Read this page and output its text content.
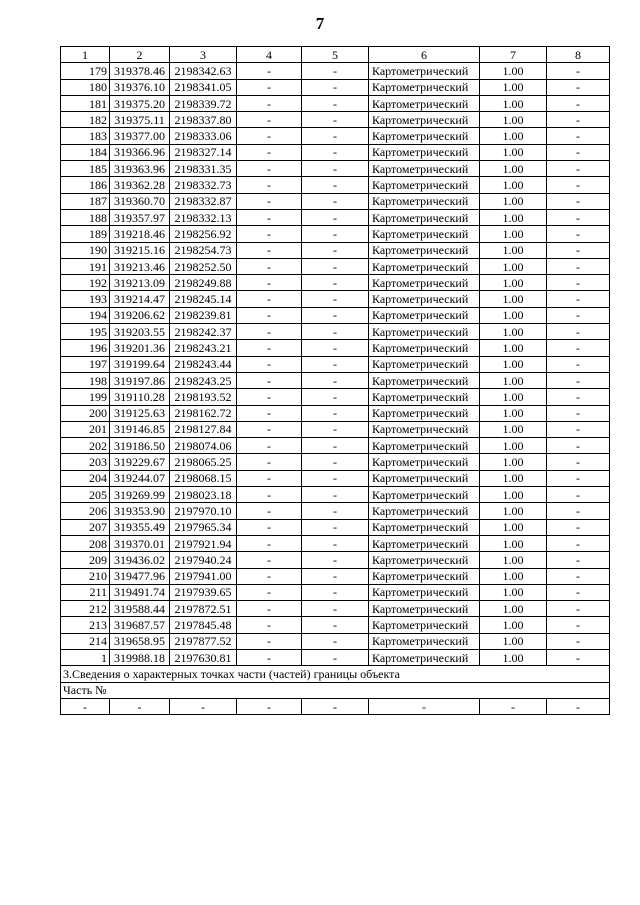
7
1	2	3	4	5	6	7	8
179	319378.46	2198342.63	-	-	Картометрический	1.00	-
180	319376.10	2198341.05	-	-	Картометрический	1.00	-
181	319375.20	2198339.72	-	-	Картометрический	1.00	-
182	319375.11	2198337.80	-	-	Картометрический	1.00	-
183	319377.00	2198333.06	-	-	Картометрический	1.00	-
184	319366.96	2198327.14	-	-	Картометрический	1.00	-
185	319363.96	2198331.35	-	-	Картометрический	1.00	-
186	319362.28	2198332.73	-	-	Картометрический	1.00	-
187	319360.70	2198332.87	-	-	Картометрический	1.00	-
188	319357.97	2198332.13	-	-	Картометрический	1.00	-
189	319218.46	2198256.92	-	-	Картометрический	1.00	-
190	319215.16	2198254.73	-	-	Картометрический	1.00	-
191	319213.46	2198252.50	-	-	Картометрический	1.00	-
192	319213.09	2198249.88	-	-	Картометрический	1.00	-
193	319214.47	2198245.14	-	-	Картометрический	1.00	-
194	319206.62	2198239.81	-	-	Картометрический	1.00	-
195	319203.55	2198242.37	-	-	Картометрический	1.00	-
196	319201.36	2198243.21	-	-	Картометрический	1.00	-
197	319199.64	2198243.44	-	-	Картометрический	1.00	-
198	319197.86	2198243.25	-	-	Картометрический	1.00	-
199	319110.28	2198193.52	-	-	Картометрический	1.00	-
200	319125.63	2198162.72	-	-	Картометрический	1.00	-
201	319146.85	2198127.84	-	-	Картометрический	1.00	-
202	319186.50	2198074.06	-	-	Картометрический	1.00	-
203	319229.67	2198065.25	-	-	Картометрический	1.00	-
204	319244.07	2198068.15	-	-	Картометрический	1.00	-
205	319269.99	2198023.18	-	-	Картометрический	1.00	-
206	319353.90	2197970.10	-	-	Картометрический	1.00	-
207	319355.49	2197965.34	-	-	Картометрический	1.00	-
208	319370.01	2197921.94	-	-	Картометрический	1.00	-
209	319436.02	2197940.24	-	-	Картометрический	1.00	-
210	319477.96	2197941.00	-	-	Картометрический	1.00	-
211	319491.74	2197939.65	-	-	Картометрический	1.00	-
212	319588.44	2197872.51	-	-	Картометрический	1.00	-
213	319687.57	2197845.48	-	-	Картометрический	1.00	-
214	319658.95	2197877.52	-	-	Картометрический	1.00	-
1	319988.18	2197630.81	-	-	Картометрический	1.00	-
3.Сведения о характерных точках части (частей) границы объекта							
Часть №							
-	-	-	-	-	-	-	-
